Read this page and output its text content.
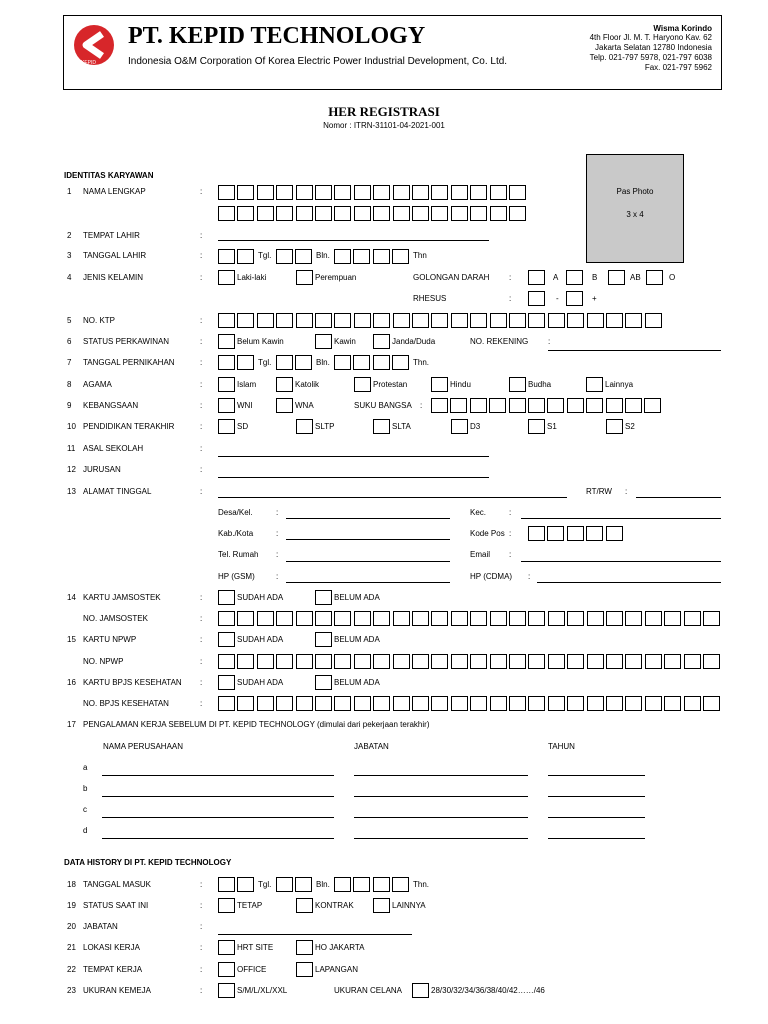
KEPID
PT. KEPID TECHNOLOGY
Indonesia O&M Corporation Of Korea Electric Power Industrial Development, Co. Ltd.
Wisma Korindo
4th Floor Jl. M. T. Haryono Kav. 62
Jakarta Selatan 12780 Indonesia
Telp. 021-797 5978, 021-797 6038
Fax. 021-797 5962
HER REGISTRASI
Nomor : ITRN-31101-04-2021-001
Pas Photo
3 x 4
IDENTITAS KARYAWAN
DATA HISTORY DI PT. KEPID TECHNOLOGY
1 NAMA LENGKAP	:
2 TEMPAT LAHIR	:
3 TANGGAL LAHIR	:	Tgl.	Bln.	Thn
4 JENIS KELAMIN	:	Laki-laki	Perempuan	GOLONGAN DARAH :	A	B	AB	O
RHESUS	:	-	+
5 NO. KTP	:
6 STATUS PERKAWINAN	:	Belum Kawin	Kawin	Janda/Duda	NO. REKENING :
7 TANGGAL PERNIKAHAN	:	Tgl.	Bln.	Thn.
8 AGAMA	:	Islam	Katolik	Protestan	Hindu	Budha	Lainnya
9 KEBANGSAAN	:	WNI	WNA	SUKU BANGSA :
10 PENDIDIKAN TERAKHIR	:	SD	SLTP	SLTA	D3	S1	S2
11 ASAL SEKOLAH	:
12 JURUSAN	:
13 ALAMAT TINGGAL	:	RT/RW :
Desa/Kel.	:	Kec.	:
Kab./Kota	:	Kode Pos :
Tel. Rumah :	Email :
HP (GSM)	:	HP (CDMA) :
14 KARTU JAMSOSTEK	:	SUDAH ADA	BELUM ADA
NO. JAMSOSTEK	:
15 KARTU NPWP	:	SUDAH ADA	BELUM ADA
NO. NPWP	:
16 KARTU BPJS KESEHATAN :	SUDAH ADA	BELUM ADA
NO. BPJS KESEHATAN	:
17 PENGALAMAN KERJA SEBELUM DI PT. KEPID TECHNOLOGY (dimulai dari pekerjaan terakhir)
NAMA PERUSAHAAN	JABATAN	TAHUN
a
b
c
d
18 TANGGAL MASUK	:	Tgl.	Bln.	Thn.
19 STATUS SAAT INI	:	TETAP	KONTRAK	LAINNYA
20 JABATAN	:
21 LOKASI KERJA	:	HRT SITE	HO JAKARTA
22 TEMPAT KERJA	:	OFFICE	LAPANGAN
23 UKURAN KEMEJA	:	S/M/L/XL/XXL	UKURAN CELANA	28/30/32/34/36/38/40/42……/46
